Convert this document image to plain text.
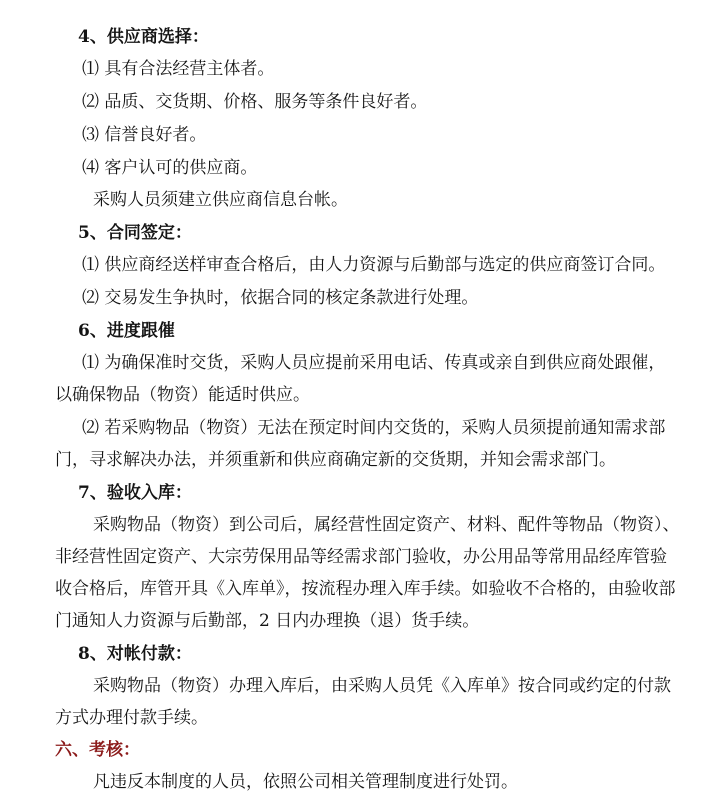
4、供应商选择：
⑴ 具有合法经营主体者。
⑵ 品质、交货期、价格、服务等条件良好者。
⑶ 信誉良好者。
⑷ 客户认可的供应商。
采购人员须建立供应商信息台帐。
5、合同签定：
⑴ 供应商经送样审查合格后，由人力资源与后勤部与选定的供应商签订合同。
⑵ 交易发生争执时，依据合同的核定条款进行处理。
6、进度跟催
⑴ 为确保准时交货，采购人员应提前采用电话、传真或亲自到供应商处跟催，
以确保物品（物资）能适时供应。
⑵ 若采购物品（物资）无法在预定时间内交货的，采购人员须提前通知需求部
门，寻求解决办法，并须重新和供应商确定新的交货期，并知会需求部门。
7、验收入库：
采购物品（物资）到公司后，属经营性固定资产、材料、配件等物品（物资）、
非经营性固定资产、大宗劳保用品等经需求部门验收，办公用品等常用品经库管验
收合格后，库管开具《入库单》，按流程办理入库手续。如验收不合格的，由验收部
门通知人力资源与后勤部，2 日内办理换（退）货手续。
8、对帐付款：
采购物品（物资）办理入库后，由采购人员凭《入库单》按合同或约定的付款
方式办理付款手续。
六、考核：
凡违反本制度的人员，依照公司相关管理制度进行处罚。
